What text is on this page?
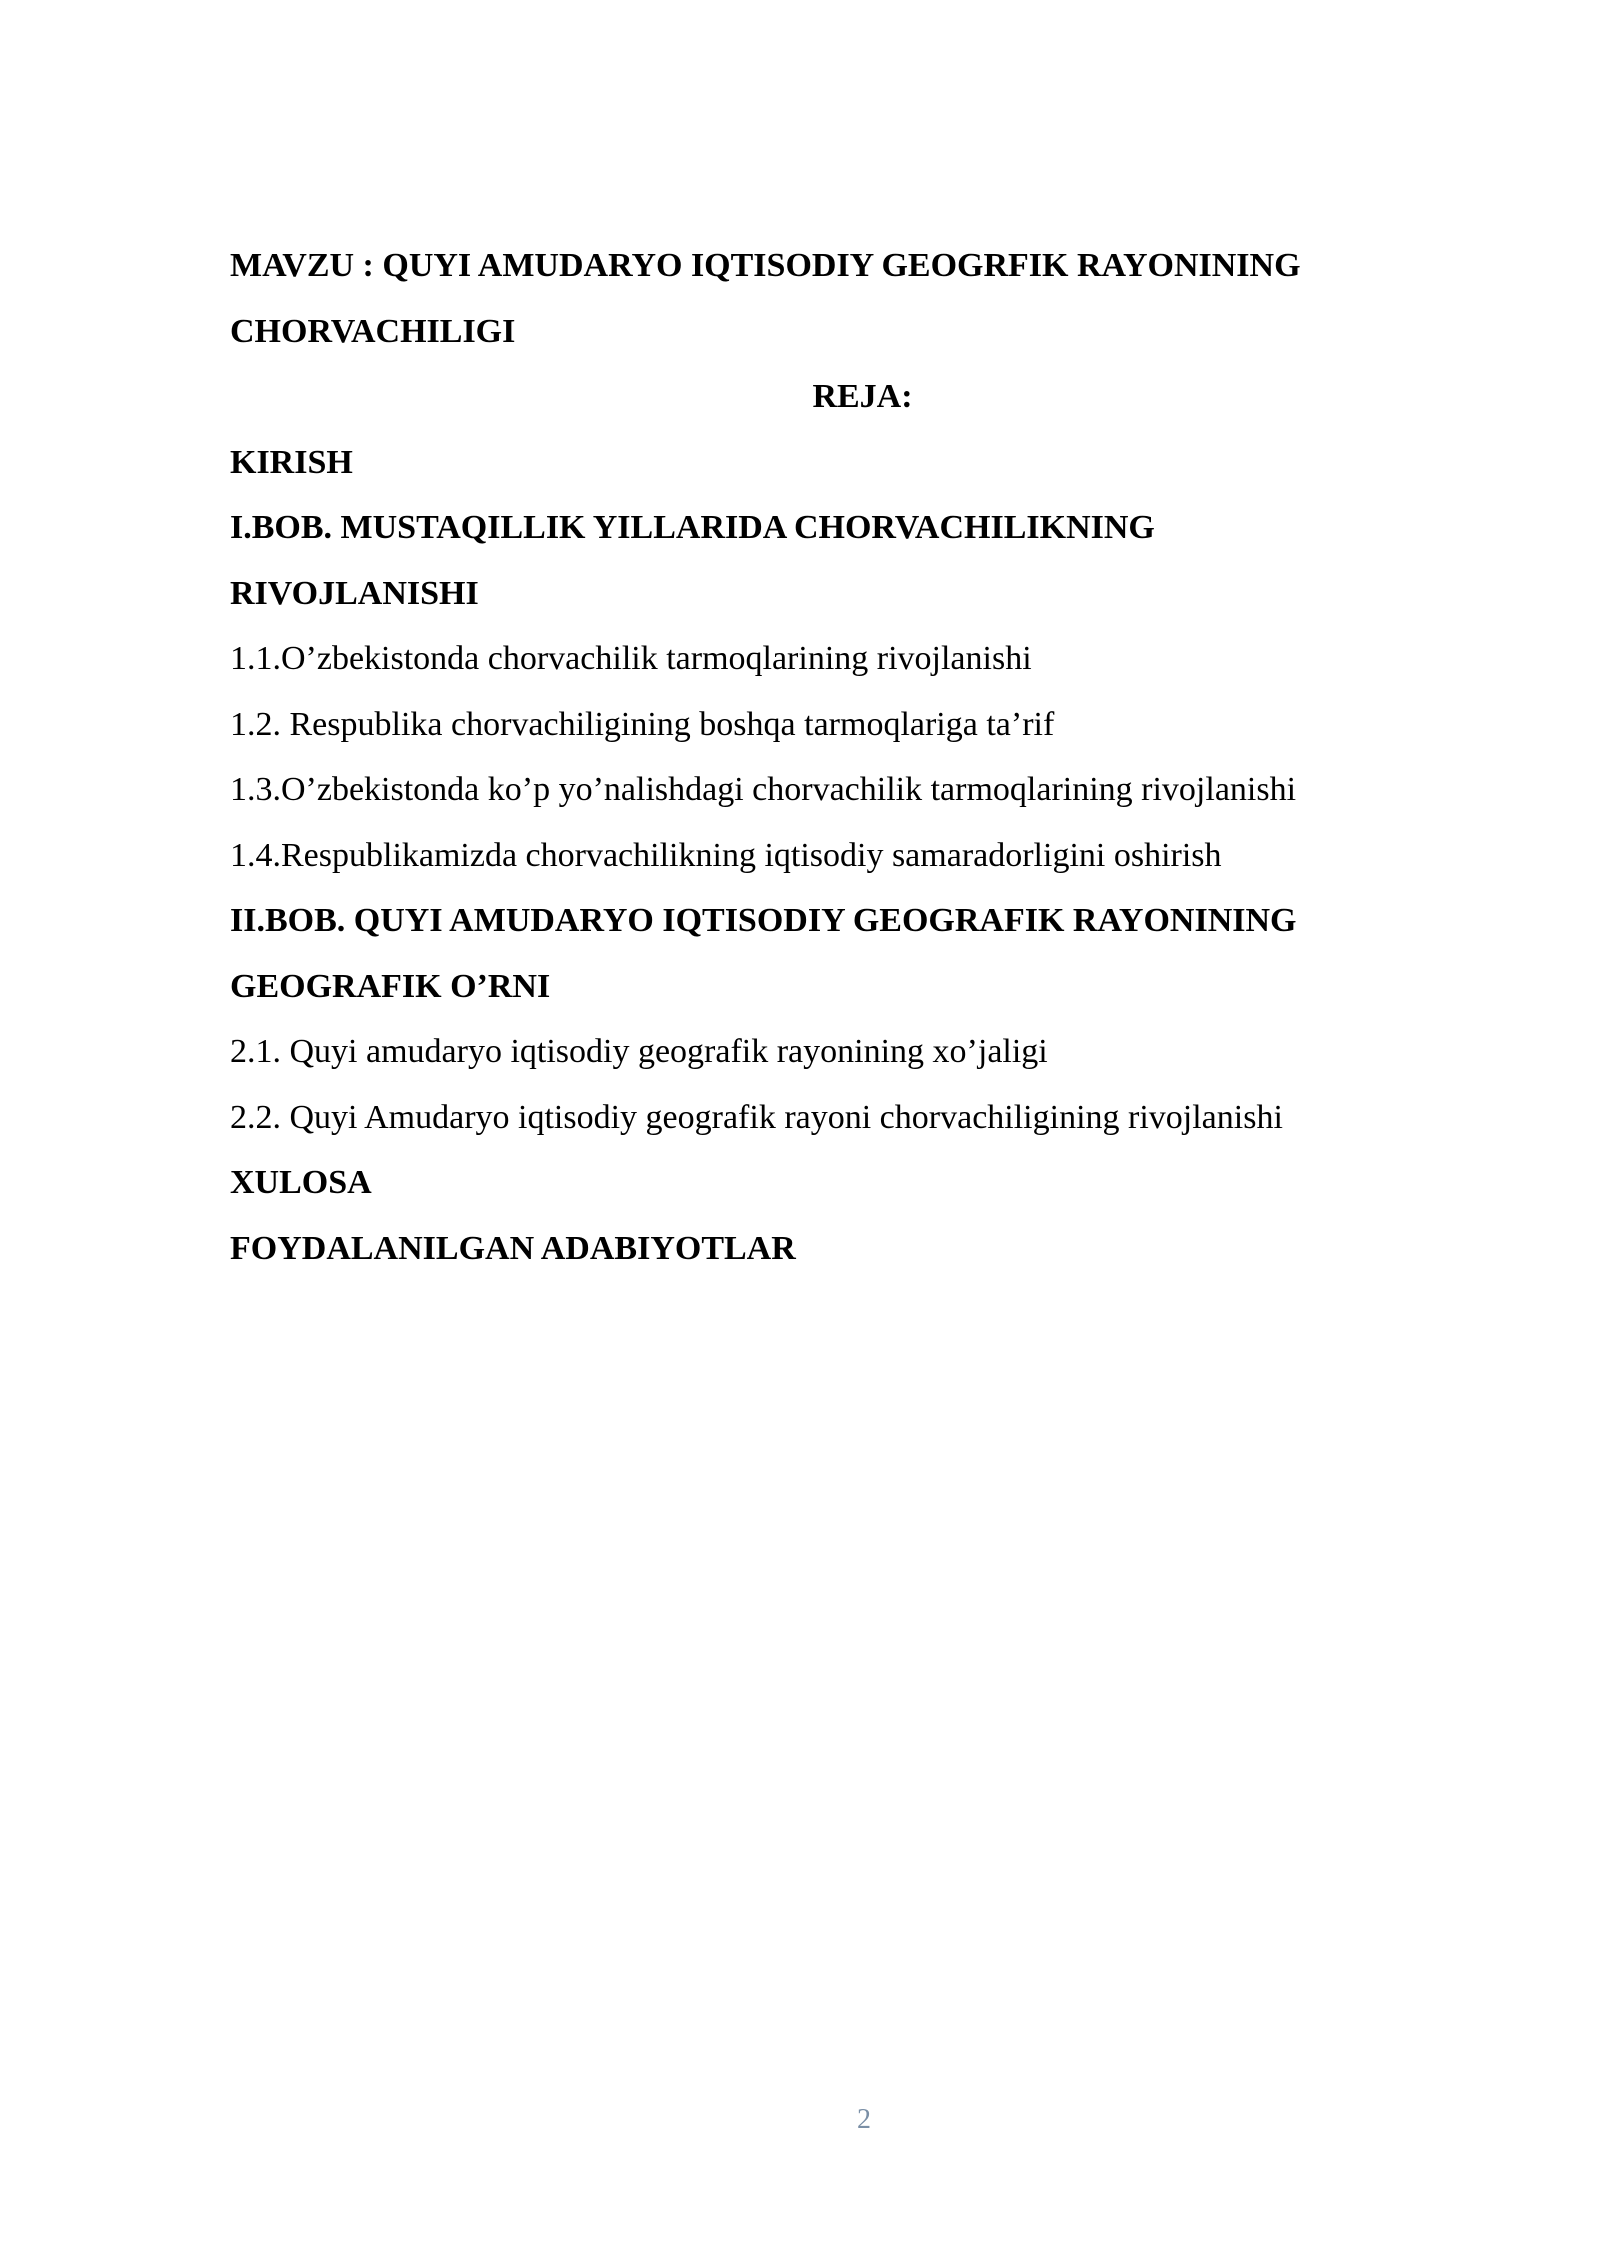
MAVZU : QUYI AMUDARYO IQTISODIY GEOGRFIK RAYONINING
CHORVACHILIGI
REJA:
KIRISH
I.BOB. MUSTAQILLIK YILLARIDA CHORVACHILIKNING
RIVOJLANISHI
1.1.O’zbekistonda chorvachilik tarmoqlarining rivojlanishi
1.2. Respublika chorvachiligining boshqa tarmoqlariga ta’rif
1.3.O’zbekistonda ko’p yo’nalishdagi chorvachilik tarmoqlarining rivojlanishi
1.4.Respublikamizda chorvachilikning iqtisodiy samaradorligini oshirish
II.BOB. QUYI AMUDARYO IQTISODIY GEOGRAFIK RAYONINING
GEOGRAFIK O’RNI
2.1. Quyi amudaryo iqtisodiy geografik rayonining xo’jaligi
2.2. Quyi Amudaryo iqtisodiy geografik rayoni chorvachiligining rivojlanishi
XULOSA
FOYDALANILGAN ADABIYOTLAR
2
